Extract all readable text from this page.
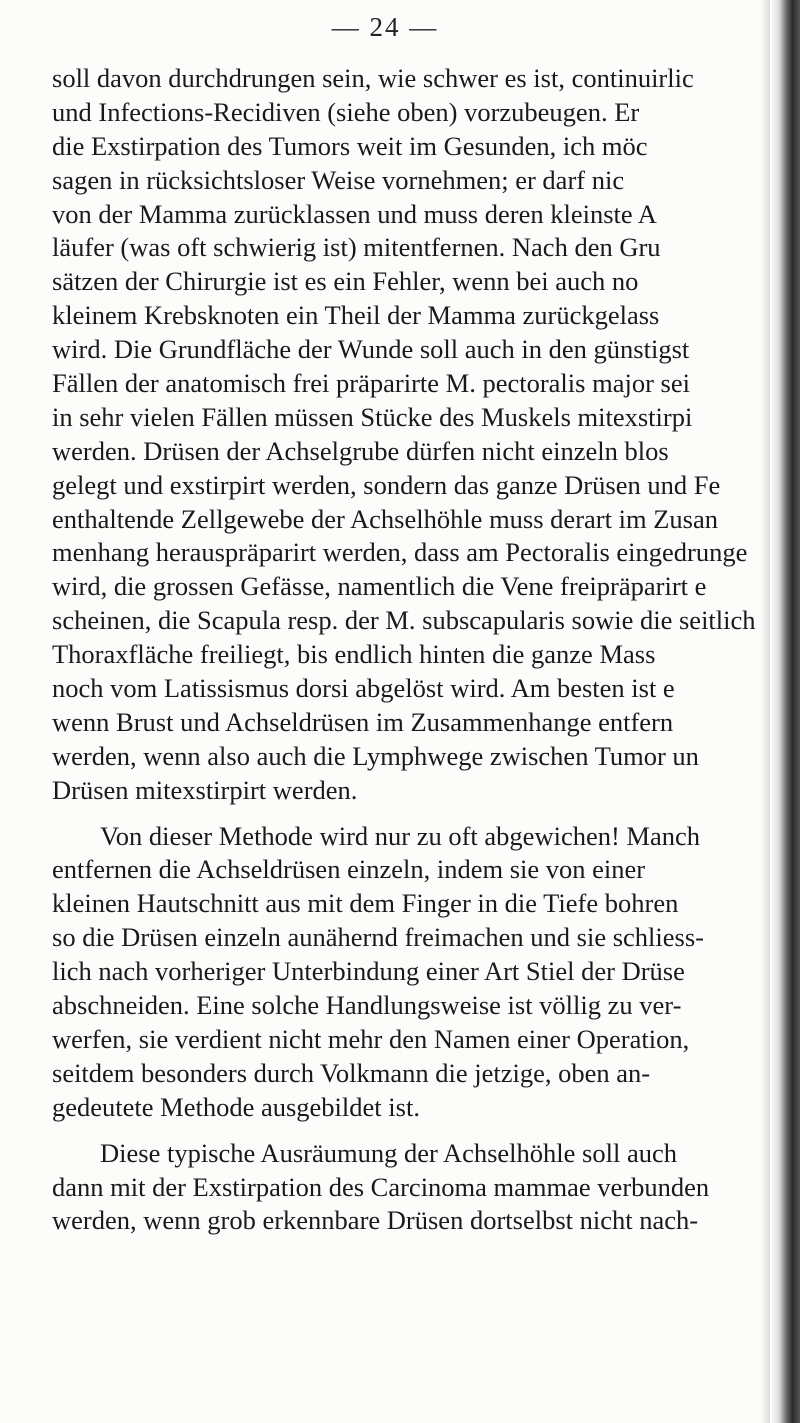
— 24 —
soll davon durchdrungen sein, wie schwer es ist, continuirlic
und Infections-Recidiven (siehe oben) vorzubeugen. Er
die Exstirpation des Tumors weit im Gesunden, ich möc
sagen in rücksichtsloser Weise vornehmen; er darf nic
von der Mamma zurücklassen und muss deren kleinste A
läufer (was oft schwierig ist) mitentfernen. Nach den Gru
sätzen der Chirurgie ist es ein Fehler, wenn bei auch no
kleinem Krebsknoten ein Theil der Mamma zurückgelass
wird. Die Grundfläche der Wunde soll auch in den günstigst
Fällen der anatomisch frei präparirte M. pectoralis major sei
in sehr vielen Fällen müssen Stücke des Muskels mitexstirpi
werden. Drüsen der Achselgrube dürfen nicht einzeln blos
gelegt und exstirpirt werden, sondern das ganze Drüsen und Fe
enthaltende Zellgewebe der Achselhöhle muss derart im Zusan
menhang herauspräparirt werden, dass am Pectoralis eingedrunge
wird, die grossen Gefässe, namentlich die Vene freipräparirt e
scheinen, die Scapula resp. der M. subscapularis sowie die seitlich
Thoraxfläche freiliegt, bis endlich hinten die ganze Mass
noch vom Latissismus dorsi abgelöst wird. Am besten ist e
wenn Brust und Achseldrüsen im Zusammenhange entfern
werden, wenn also auch die Lymphwege zwischen Tumor un
Drüsen mitexstirpirt werden.
Von dieser Methode wird nur zu oft abgewichen! Manch
entfernen die Achseldrüsen einzeln, indem sie von einer
kleinen Hautschnitt aus mit dem Finger in die Tiefe bohren
so die Drüsen einzeln aunähernd freimachen und sie schliess-
lich nach vorheriger Unterbindung einer Art Stiel der Drüse
abschneiden. Eine solche Handlungsweise ist völlig zu ver-
werfen, sie verdient nicht mehr den Namen einer Operation,
seitdem besonders durch Volkmann die jetzige, oben an-
gedeutete Methode ausgebildet ist.
Diese typische Ausräumung der Achselhöhle soll auch
dann mit der Exstirpation des Carcinoma mammae verbunden
werden, wenn grob erkennbare Drüsen dortselbst nicht nach-
